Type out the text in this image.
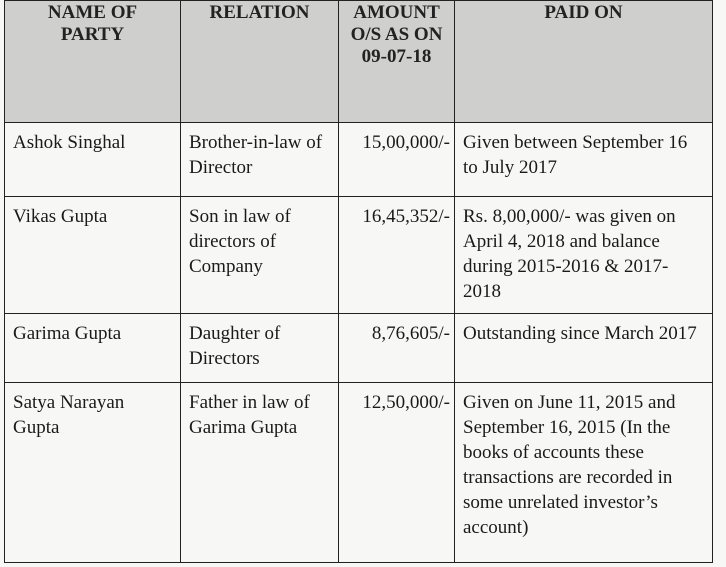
NAME OF PARTY	RELATION	AMOUNT O/S AS ON 09-07-18	PAID ON
Ashok Singhal	Brother-in-law of Director	15,00,000/-	Given between September 16 to July 2017
Vikas Gupta	Son in law of directors of Company	16,45,352/-	Rs. 8,00,000/- was given on April 4, 2018 and balance during 2015-2016 & 2017-2018
Garima Gupta	Daughter of Directors	8,76,605/-	Outstanding since March 2017
Satya Narayan Gupta	Father in law of Garima Gupta	12,50,000/-	Given on June 11, 2015 and September 16, 2015 (In the books of accounts these transactions are recorded in some unrelated investor’s account)
